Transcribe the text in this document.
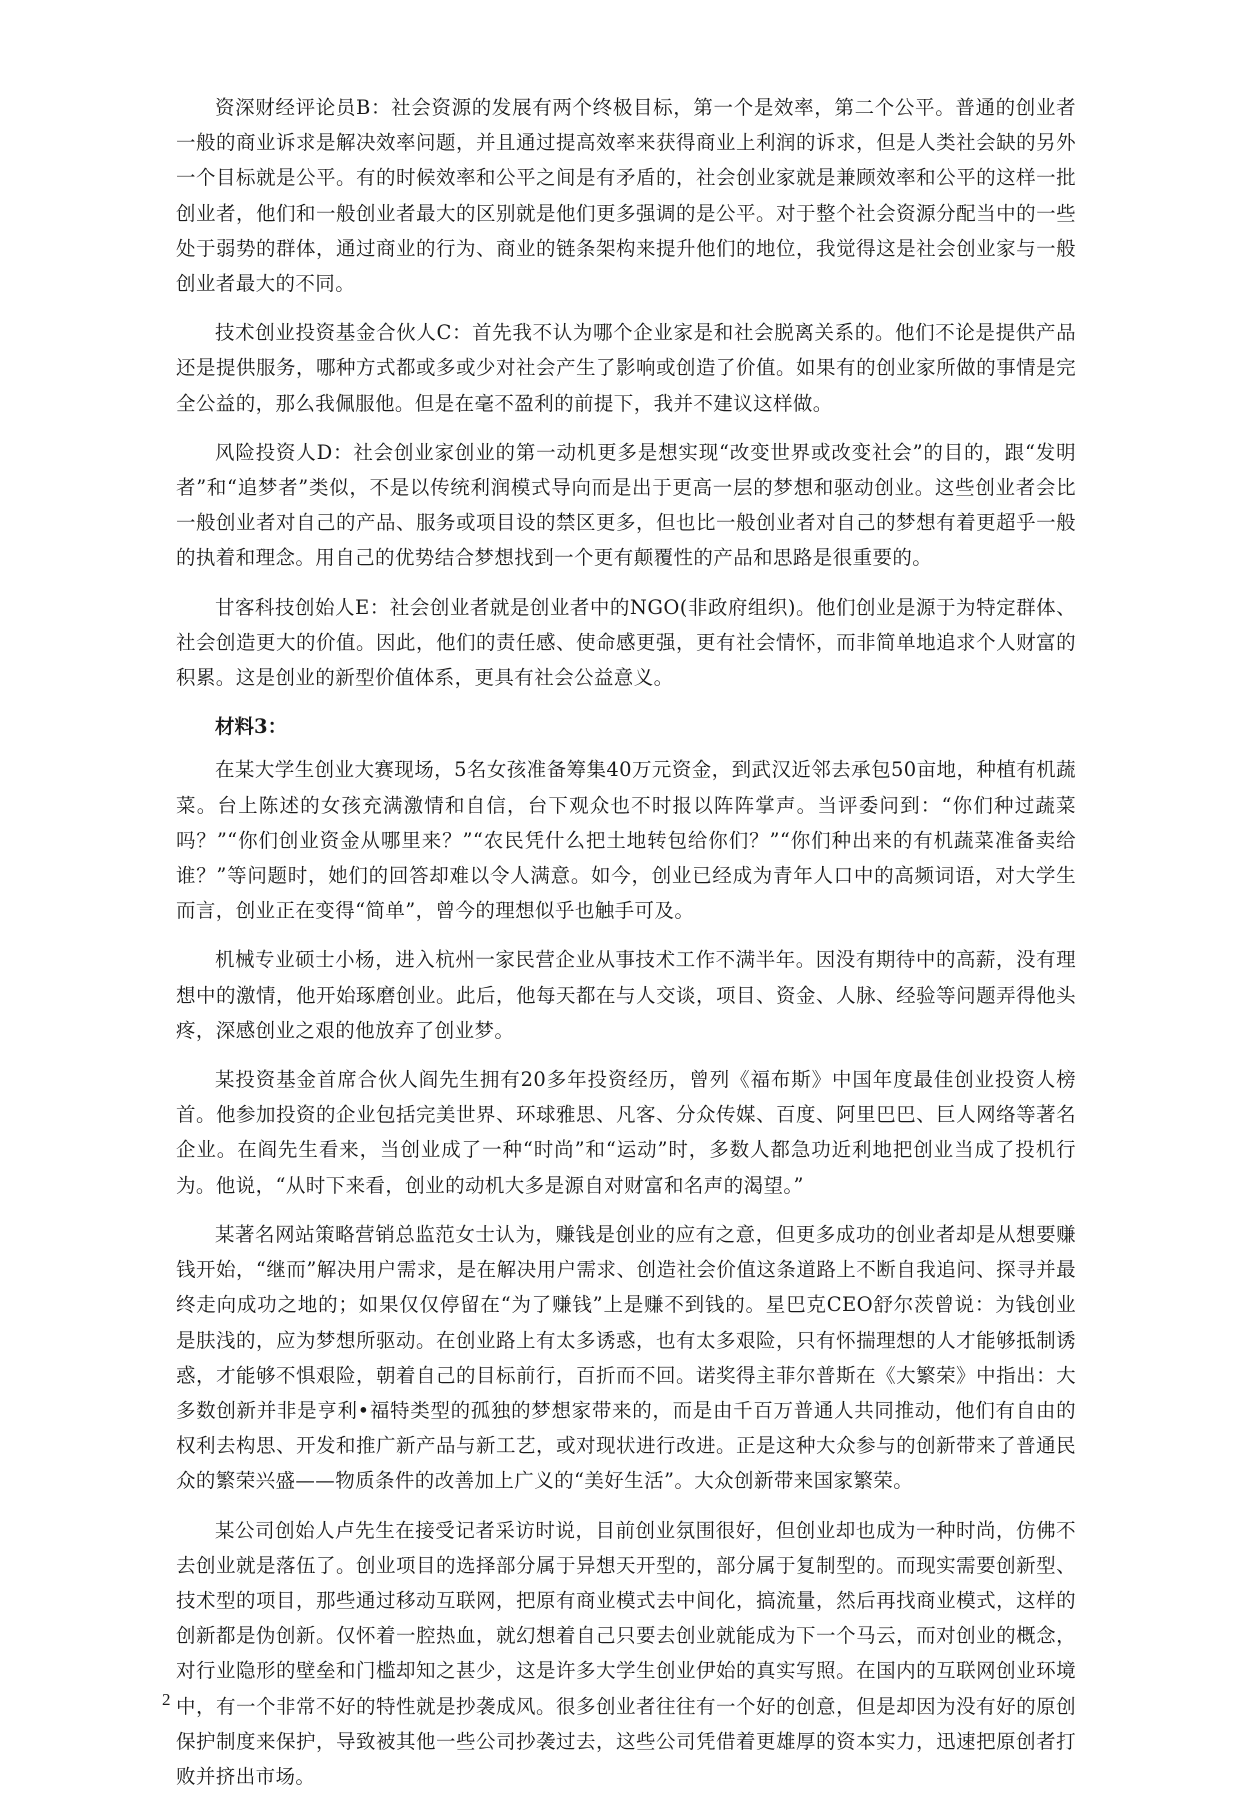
资深财经评论员B：社会资源的发展有两个终极目标，第一个是效率，第二个公平。普通的创业者一般的商业诉求是解决效率问题，并且通过提高效率来获得商业上利润的诉求，但是人类社会缺的另外一个目标就是公平。有的时候效率和公平之间是有矛盾的，社会创业家就是兼顾效率和公平的这样一批创业者，他们和一般创业者最大的区别就是他们更多强调的是公平。对于整个社会资源分配当中的一些处于弱势的群体，通过商业的行为、商业的链条架构来提升他们的地位，我觉得这是社会创业家与一般创业者最大的不同。

技术创业投资基金合伙人C：首先我不认为哪个企业家是和社会脱离关系的。他们不论是提供产品还是提供服务，哪种方式都或多或少对社会产生了影响或创造了价值。如果有的创业家所做的事情是完全公益的，那么我佩服他。但是在毫不盈利的前提下，我并不建议这样做。

风险投资人D：社会创业家创业的第一动机更多是想实现“改变世界或改变社会”的目的，跟“发明者”和“追梦者”类似，不是以传统利润模式导向而是出于更高一层的梦想和驱动创业。这些创业者会比一般创业者对自己的产品、服务或项目设的禁区更多，但也比一般创业者对自己的梦想有着更超乎一般的执着和理念。用自己的优势结合梦想找到一个更有颠覆性的产品和思路是很重要的。

甘客科技创始人E：社会创业者就是创业者中的NGO(非政府组织)。他们创业是源于为特定群体、社会创造更大的价值。因此，他们的责任感、使命感更强，更有社会情怀，而非简单地追求个人财富的积累。这是创业的新型价值体系，更具有社会公益意义。

材料3：

在某大学生创业大赛现场，5名女孩准备筹集40万元资金，到武汉近邻去承包50亩地，种植有机蔬菜。台上陈述的女孩充满激情和自信，台下观众也不时报以阵阵掌声。当评委问到：“你们种过蔬菜吗？”“你们创业资金从哪里来？”“农民凭什么把土地转包给你们？”“你们种出来的有机蔬菜准备卖给谁？”等问题时，她们的回答却难以令人满意。如今，创业已经成为青年人口中的高频词语，对大学生而言，创业正在变得“简单”，曾今的理想似乎也触手可及。

机械专业硕士小杨，进入杭州一家民营企业从事技术工作不满半年。因没有期待中的高薪，没有理想中的激情，他开始琢磨创业。此后，他每天都在与人交谈，项目、资金、人脉、经验等问题弄得他头疼，深感创业之艰的他放弃了创业梦。

某投资基金首席合伙人阎先生拥有20多年投资经历，曾列《福布斯》中国年度最佳创业投资人榜首。他参加投资的企业包括完美世界、环球雅思、凡客、分众传媒、百度、阿里巴巴、巨人网络等著名企业。在阎先生看来，当创业成了一种“时尚”和“运动”时，多数人都急功近利地把创业当成了投机行为。他说，“从时下来看，创业的动机大多是源自对财富和名声的渴望。”

某著名网站策略营销总监范女士认为，赚钱是创业的应有之意，但更多成功的创业者却是从想要赚钱开始，“继而”解决用户需求，是在解决用户需求、创造社会价值这条道路上不断自我追问、探寻并最终走向成功之地的；如果仅仅停留在“为了赚钱”上是赚不到钱的。星巴克CEO舒尔茨曾说：为钱创业是肤浅的，应为梦想所驱动。在创业路上有太多诱惑，也有太多艰险，只有怀揣理想的人才能够抵制诱惑，才能够不惧艰险，朝着自己的目标前行，百折而不回。诺奖得主菲尔普斯在《大繁荣》中指出：大多数创新并非是亨利•福特类型的孤独的梦想家带来的，而是由千百万普通人共同推动，他们有自由的权利去构思、开发和推广新产品与新工艺，或对现状进行改进。正是这种大众参与的创新带来了普通民众的繁荣兴盛——物质条件的改善加上广义的“美好生活”。大众创新带来国家繁荣。

某公司创始人卢先生在接受记者采访时说，目前创业氛围很好，但创业却也成为一种时尚，仿佛不去创业就是落伍了。创业项目的选择部分属于异想天开型的，部分属于复制型的。而现实需要创新型、技术型的项目，那些通过移动互联网，把原有商业模式去中间化，搞流量，然后再找商业模式，这样的创新都是伪创新。仅怀着一腔热血，就幻想着自己只要去创业就能成为下一个马云，而对创业的概念，对行业隐形的壁垒和门槛却知之甚少，这是许多大学生创业伊始的真实写照。在国内的互联网创业环境中，有一个非常不好的特性就是抄袭成风。很多创业者往往有一个好的创意，但是却因为没有好的原创保护制度来保护，导致被其他一些公司抄袭过去，这些公司凭借着更雄厚的资本实力，迅速把原创者打败并挤出市场。

2
